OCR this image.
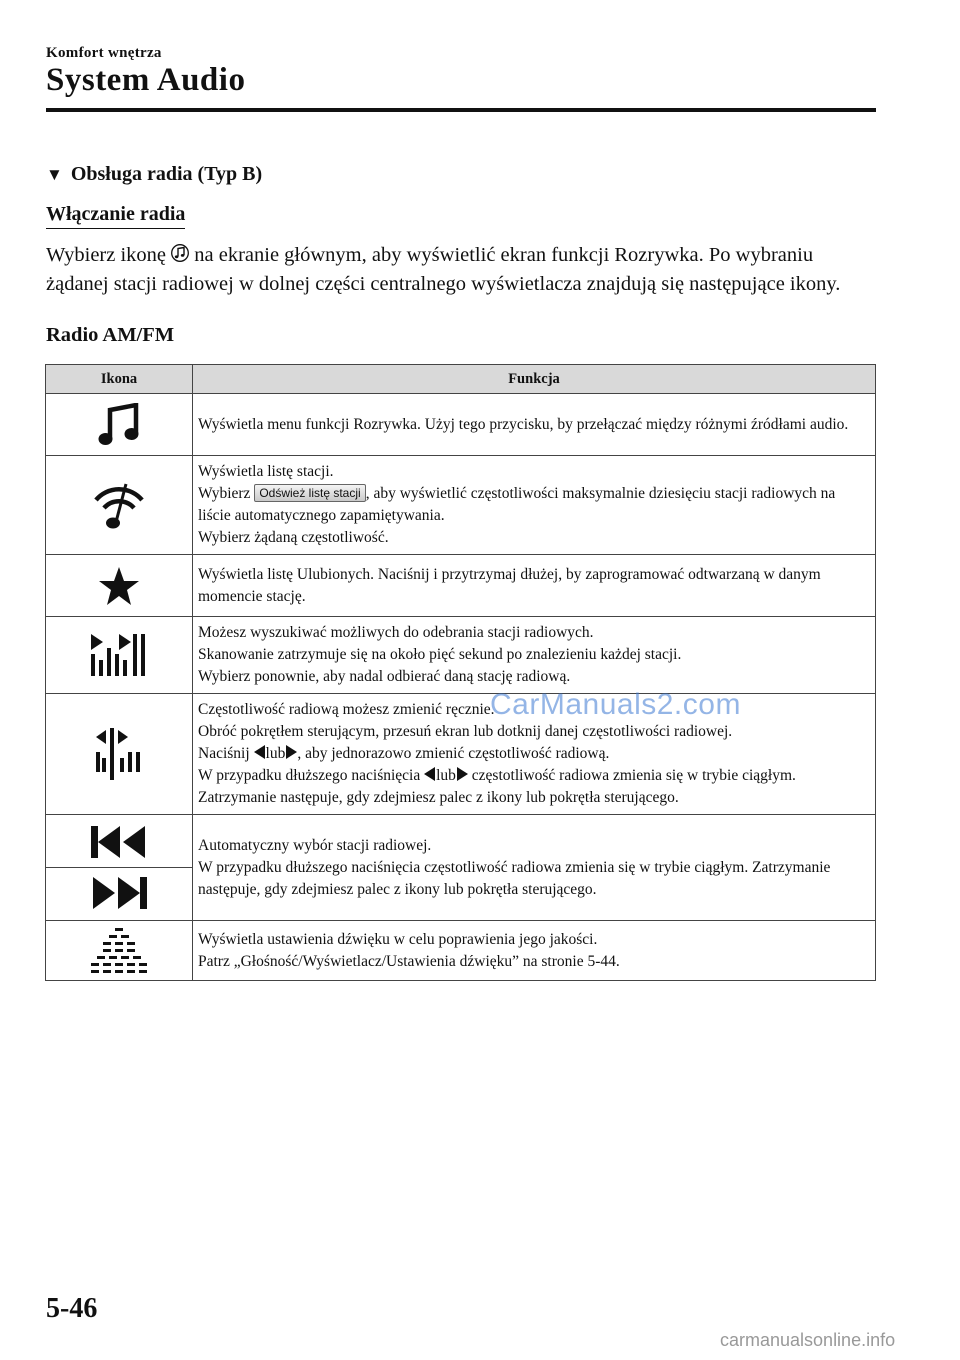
Komfort wnętrza
System Audio
▼ Obsługa radia (Typ B)
Włączanie radia
Wybierz ikonę  na ekranie głównym, aby wyświetlić ekran funkcji Rozrywka. Po wybraniu żądanej stacji radiowej w dolnej części centralnego wyświetlacza znajdują się następujące ikony.
Radio AM/FM
Ikona	Funkcja

	Wyświetla menu funkcji Rozrywka. Użyj tego przycisku, by przełączać między różnymi źródłami audio.

Wyświetla listę stacji.
Wybierz Odśwież listę stacji , aby wyświetlić częstotliwości maksymalnie dziesięciu stacji radiowych na liście automatycznego zapamiętywania.
Wybierz żądaną częstotliwość.

	Wyświetla listę Ulubionych. Naciśnij i przytrzymaj dłużej, by zaprogramować odtwarzaną w danym momencie stację.

Możesz wyszukiwać możliwych do odebrania stacji radiowych.
Skanowanie zatrzymuje się na około pięć sekund po znalezieniu każdej stacji.
Wybierz ponownie, aby nadal odbierać daną stację radiową.

Częstotliwość radiową możesz zmienić ręcznie.
Obróć pokrętłem sterującym, przesuń ekran lub dotknij danej częstotliwości radiowej.
Naciśnij lub , aby jednorazowo zmienić częstotliwość radiową.
W przypadku dłuższego naciśnięcia lub częstotliwość radiowa zmienia się w trybie ciągłym. Zatrzymanie następuje, gdy zdejmiesz palec z ikony lub pokrętła sterującego.

Automatyczny wybór stacji radiowej.
W przypadku dłuższego naciśnięcia częstotliwość radiowa zmienia się w trybie ciągłym. Zatrzymanie następuje, gdy zdejmiesz palec z ikony lub pokrętła sterującego.

Wyświetla ustawienia dźwięku w celu poprawienia jego jakości.
Patrz „Głośność/Wyświetlacz/Ustawienia dźwięku” na stronie 5-44.
CarManuals2.com
5-46
carmanualsonline.info
